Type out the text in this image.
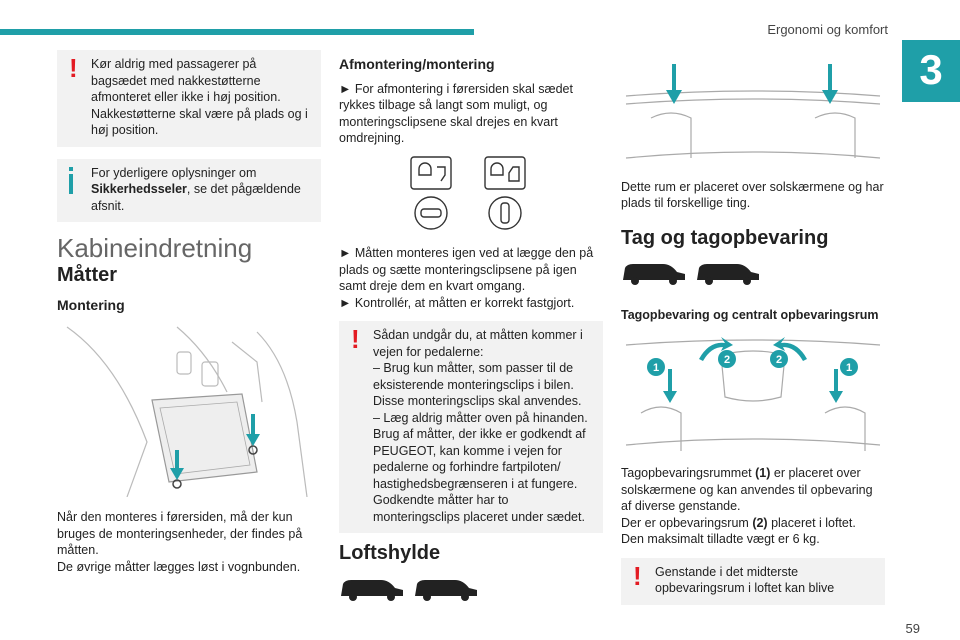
Ergonomi og komfort
3
! Kør aldrig med passagerer på bagsædet med nakkestøtterne afmonteret eller ikke i høj position. Nakkestøtterne skal være på plads og i høj position.

For yderligere oplysninger om Sikkerhedsseler, se det pågældende afsnit.

Kabineindretning
Måtter
Montering

Når den monteres i førersiden, må der kun bruges de monteringsenheder, der findes på måtten.

De øvrige måtter lægges løst i vognbunden.

Afmontering/montering

► For afmontering i førersiden skal sædet rykkes tilbage så langt som muligt, og monteringsclipsene skal drejes en kvart omdrejning.

► Måtten monteres igen ved at lægge den på plads og sætte monteringsclipsene på igen samt dreje dem en kvart omgang.

► Kontrollér, at måtten er korrekt fastgjort.

! Sådan undgår du, at måtten kommer i vejen for pedalerne:

– Brug kun måtter, som passer til de eksisterende monteringsclips i bilen. Disse monteringsclips skal anvendes.

– Læg aldrig måtter oven på hinanden.

Brug af måtter, der ikke er godkendt af PEUGEOT, kan komme i vejen for pedalerne og forhindre fartpiloten/ hastighedsbegrænseren i at fungere.

Godkendte måtter har to monteringsclips placeret under sædet.

Loftshylde

Dette rum er placeret over solskærmene og har plads til forskellige ting.

Tag og tagopbevaring
Tagopbevaring og centralt opbevaringsrum
1
2	2
1

Tagopbevaringsrummet (1) er placeret over solskærmene og kan anvendes til opbevaring af diverse genstande.

Der er opbevaringsrum (2) placeret i loftet.

Den maksimalt tilladte vægt er 6 kg.

! Genstande i det midterste opbevaringsrum i loftet kan blive

59
